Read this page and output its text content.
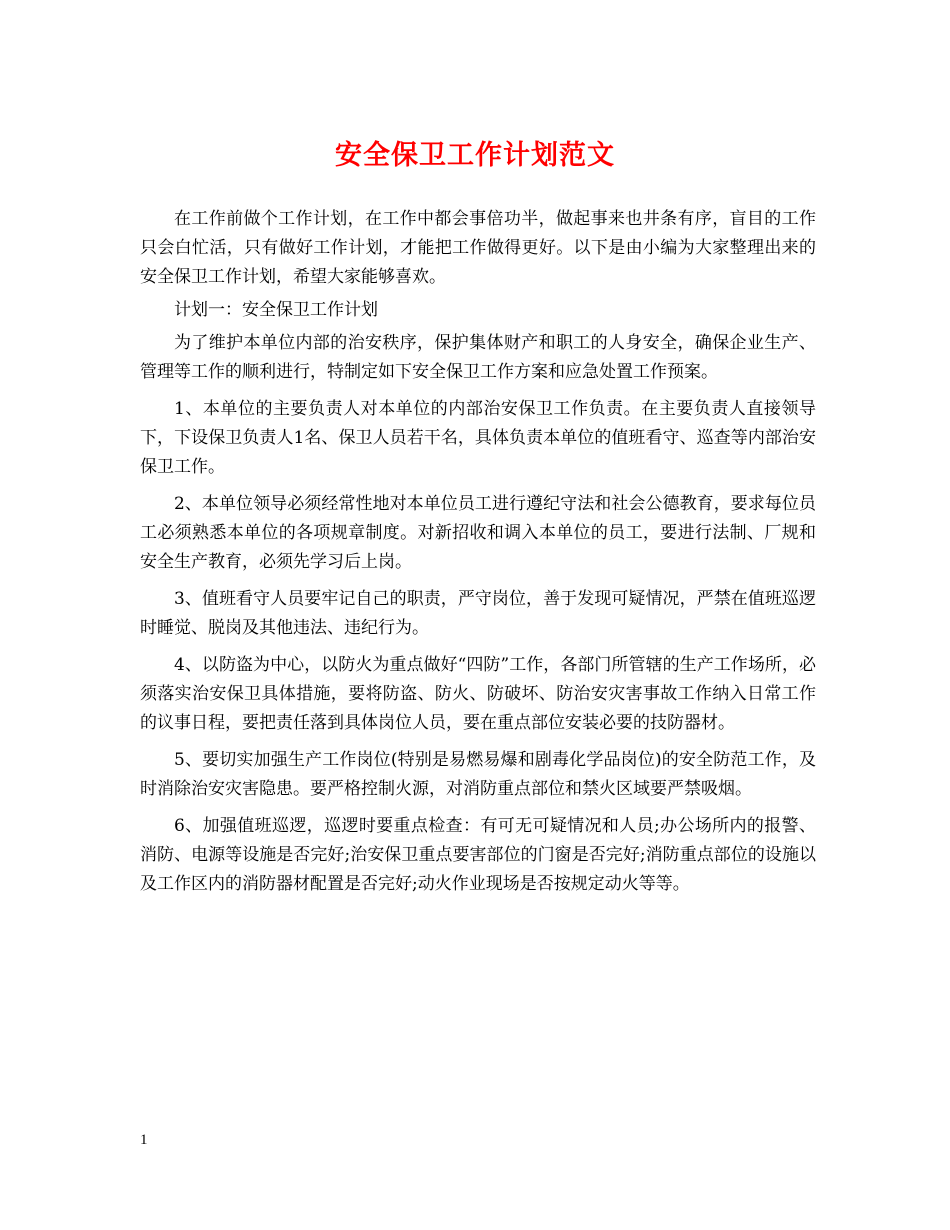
安全保卫工作计划范文

在工作前做个工作计划，在工作中都会事倍功半，做起事来也井条有序，盲目的工作只会白忙活，只有做好工作计划，才能把工作做得更好。以下是由小编为大家整理出来的安全保卫工作计划，希望大家能够喜欢。

计划一：安全保卫工作计划

为了维护本单位内部的治安秩序，保护集体财产和职工的人身安全，确保企业生产、管理等工作的顺利进行，特制定如下安全保卫工作方案和应急处置工作预案。

1、本单位的主要负责人对本单位的内部治安保卫工作负责。在主要负责人直接领导下，下设保卫负责人1名、保卫人员若干名，具体负责本单位的值班看守、巡查等内部治安保卫工作。

2、本单位领导必须经常性地对本单位员工进行遵纪守法和社会公德教育，要求每位员工必须熟悉本单位的各项规章制度。对新招收和调入本单位的员工，要进行法制、厂规和安全生产教育，必须先学习后上岗。

3、值班看守人员要牢记自己的职责，严守岗位，善于发现可疑情况，严禁在值班巡逻时睡觉、脱岗及其他违法、违纪行为。

4、以防盗为中心，以防火为重点做好“四防”工作，各部门所管辖的生产工作场所，必须落实治安保卫具体措施，要将防盗、防火、防破坏、防治安灾害事故工作纳入日常工作的议事日程，要把责任落到具体岗位人员，要在重点部位安装必要的技防器材。

5、要切实加强生产工作岗位(特别是易燃易爆和剧毒化学品岗位)的安全防范工作，及时消除治安灾害隐患。要严格控制火源，对消防重点部位和禁火区域要严禁吸烟。

6、加强值班巡逻，巡逻时要重点检查：有可无可疑情况和人员;办公场所内的报警、消防、电源等设施是否完好;治安保卫重点要害部位的门窗是否完好;消防重点部位的设施以及工作区内的消防器材配置是否完好;动火作业现场是否按规定动火等等。

1
